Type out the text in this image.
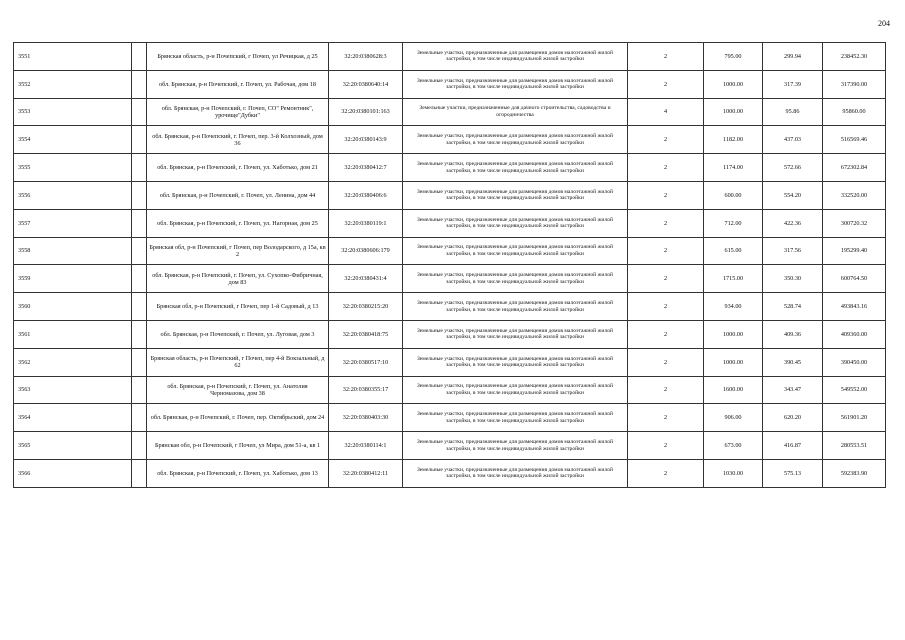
204
3551		Брянская область, р-н Почепский, г Почеп, ул Речицкая, д 25	32:20:0380628:3	Земельные участки, предназначенные для размещения домов малоэтажной жилой застройки, в том числе индивидуальной жилой застройки	2	795.00	299.94	238452.30
3552		обл. Брянская, р-н Почепский, г. Почеп, ул. Рабочая, дом 18	32:20:0380640:14	Земельные участки, предназначенные для размещения домов малоэтажной жилой застройки, в том числе индивидуальной жилой застройки	2	1000.00	317.39	317390.00
3553		обл. Брянская, р-н Почепский, г. Почеп, СО" Ремонтник", урочище"Дубки"	32:20:0380101:163	Земельные участки, предназначенные для дачного строительства, садоводства и огородничества	4	1000.00	95.86	95860.00
3554		обл. Брянская, р-н Почепский, г. Почеп, пер. 3-й Колхозный, дом 36	32:20:0380143:9	Земельные участки, предназначенные для размещения домов малоэтажной жилой застройки, в том числе индивидуальной жилой застройки	2	1182.00	437.03	516569.46
3555		обл. Брянская, р-н Почепский, г. Почеп, ул. Хаботько, дом 21	32:20:0380412:7	Земельные участки, предназначенные для размещения домов малоэтажной жилой застройки, в том числе индивидуальной жилой застройки	2	1174.00	572.66	672302.84
3556		обл. Брянская, р-н Почепский, г. Почеп, ул. Ленина, дом 44	32:20:0380406:6	Земельные участки, предназначенные для размещения домов малоэтажной жилой застройки, в том числе индивидуальной жилой застройки	2	600.00	554.20	332520.00
3557		обл. Брянская, р-н Почепский, г. Почеп, ул. Нагорная, дом 25	32:20:0380119:1	Земельные участки, предназначенные для размещения домов малоэтажной жилой застройки, в том числе индивидуальной жилой застройки	2	712.00	422.36	300720.32
3558		Брянская обл, р-н Почепский, г Почеп, пер Володарского, д 15а, кв 2	32:20:0380606:179	Земельные участки, предназначенные для размещения домов малоэтажной жилой застройки, в том числе индивидуальной жилой застройки	2	615.00	317.56	195299.40
3559		обл. Брянская, р-н Почепский, г. Почеп, ул. Сухопко-Фибричная, дом 83	32:20:0380431:4	Земельные участки, предназначенные для размещения домов малоэтажной жилой застройки, в том числе индивидуальной жилой застройки	2	1715.00	350.30	600764.50
3560		Брянская обл, р-н Почепский, г Почеп, пер 1-й Садовый, д 13	32:20:0380215:20	Земельные участки, предназначенные для размещения домов малоэтажной жилой застройки, в том числе индивидуальной жилой застройки	2	934.00	528.74	493843.16
3561		обл. Брянская, р-н Почепский, г. Почеп, ул. Луговая, дом 3	32:20:0380418:75	Земельные участки, предназначенные для размещения домов малоэтажной жилой застройки, в том числе индивидуальной жилой застройки	2	1000.00	409.36	409360.00
3562		Брянская область, р-н Почепский, г Почеп, пер 4-й Вокзальный, д 62	32:20:0380517:10	Земельные участки, предназначенные для размещения домов малоэтажной жилой застройки, в том числе индивидуальной жилой застройки	2	1000.00	390.45	390450.00
3563		обл. Брянская, р-н Почепский, г. Почеп, ул. Анатолия Черномазова, дом 38	32:20:0380355:17	Земельные участки, предназначенные для размещения домов малоэтажной жилой застройки, в том числе индивидуальной жилой застройки	2	1600.00	343.47	549552.00
3564		обл. Брянская, р-н Почепский, г. Почеп, пер. Октябрьский, дом 24	32:20:0380403:30	Земельные участки, предназначенные для размещения домов малоэтажной жилой застройки, в том числе индивидуальной жилой застройки	2	906.00	620.20	561901.20
3565		Брянская обл, р-н Почепский, г Почеп, ул Мира, дом 51-а, кв 1	32:20:0380114:1	Земельные участки, предназначенные для размещения домов малоэтажной жилой застройки, в том числе индивидуальной жилой застройки	2	673.00	416.87	280553.51
3566		обл. Брянская, р-н Почепский, г. Почеп, ул. Хаботько, дом 13	32:20:0380412:11	Земельные участки, предназначенные для размещения домов малоэтажной жилой застройки, в том числе индивидуальной жилой застройки	2	1030.00	575.13	592383.90
